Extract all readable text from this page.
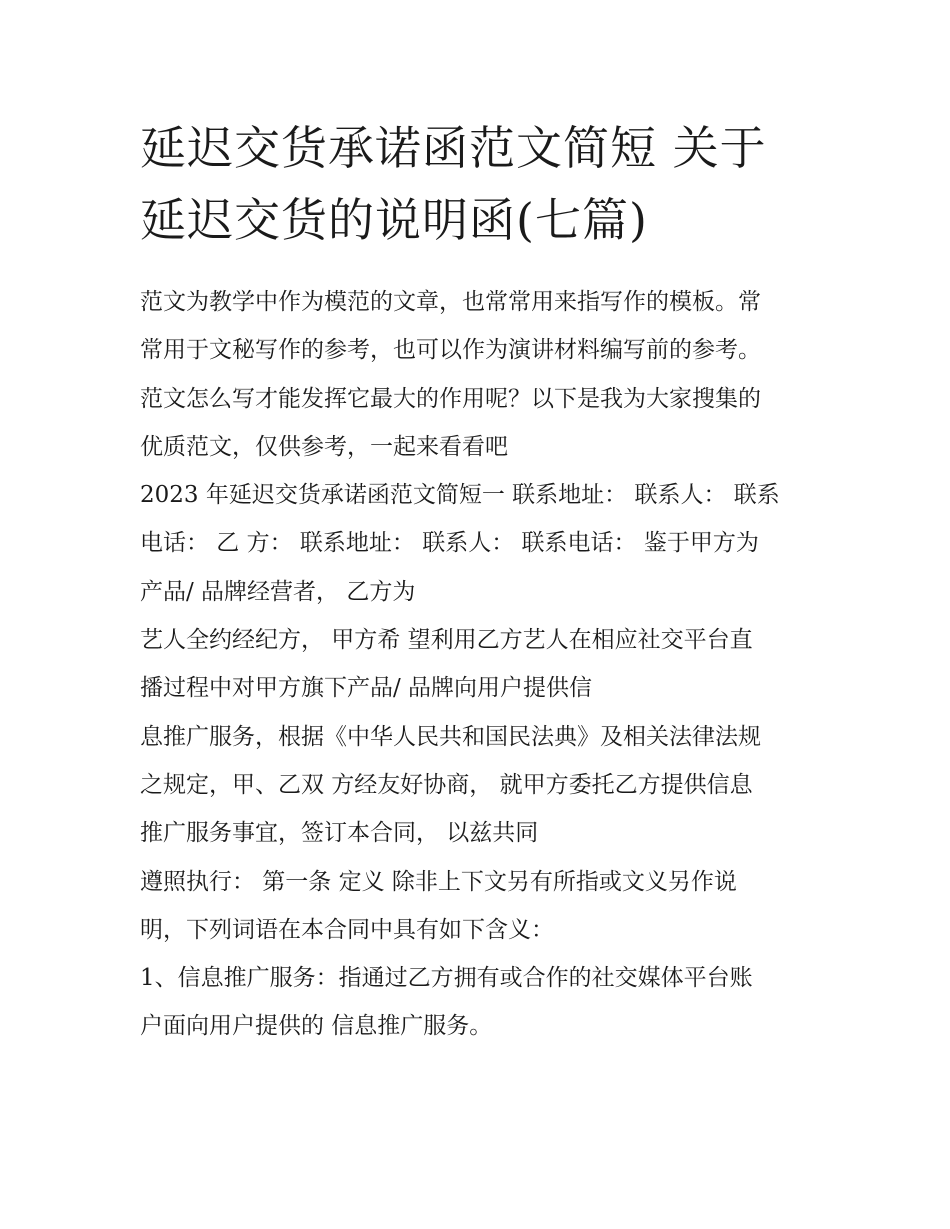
延迟交货承诺函范文简短 关于
延迟交货的说明函(七篇)

范文为教学中作为模范的文章，也常常用来指写作的模板。常
常用于文秘写作的参考，也可以作为演讲材料编写前的参考。
范文怎么写才能发挥它最大的作用呢？以下是我为大家搜集的
优质范文，仅供参考，一起来看看吧

2023 年延迟交货承诺函范文简短一 联系地址： 联系人： 联系
电话： 乙 方： 联系地址： 联系人： 联系电话： 鉴于甲方为
产品/ 品牌经营者， 乙方为

艺人全约经纪方， 甲方希 望利用乙方艺人在相应社交平台直
播过程中对甲方旗下产品/ 品牌向用户提供信

息推广服务，根据《中华人民共和国民法典》及相关法律法规
之规定，甲、乙双 方经友好协商， 就甲方委托乙方提供信息
推广服务事宜，签订本合同， 以兹共同

遵照执行： 第一条 定义 除非上下文另有所指或文义另作说
明，下列词语在本合同中具有如下含义：

1、信息推广服务：指通过乙方拥有或合作的社交媒体平台账
户面向用户提供的 信息推广服务。
